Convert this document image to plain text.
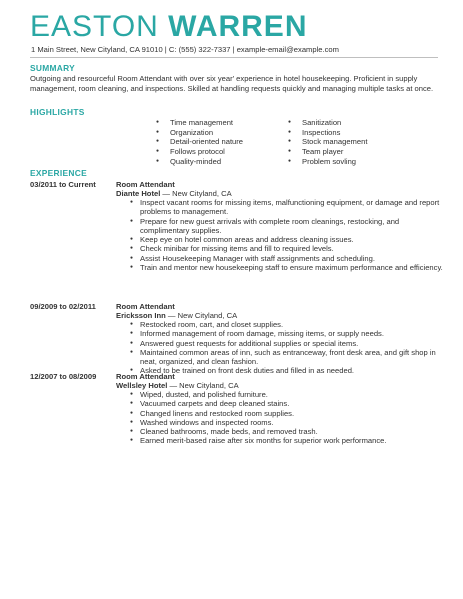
EASTON WARREN
1 Main Street, New Cityland, CA 91010 | C: (555) 322-7337 | example-email@example.com
SUMMARY
Outgoing and resourceful Room Attendant with over six year' experience in hotel housekeeping. Proficient in supply management, room cleaning, and inspections. Skilled at handling requests quickly and managing multiple tasks at once.
HIGHLIGHTS
● Time management
● Organization
● Detail-oriented nature
● Follows protocol
● Quality-minded
● Sanitization
● Inspections
● Stock management
● Team player
● Problem sovling
EXPERIENCE
03/2011 to Current	Room Attendant
Diante Hotel — New Cityland, CA
● Inspect vacant rooms for missing items, malfunctioning equipment, or damage and report problems to management.
● Prepare for new guest arrivals with complete room cleanings, restocking, and complimentary supplies.
● Keep eye on hotel common areas and address cleaning issues.
● Check minibar for missing items and fill to required levels.
● Assist Housekeeping Manager with staff assignments and scheduling.
● Train and mentor new housekeeping staff to ensure maximum performance and efficiency.
09/2009 to 02/2011	Room Attendant
Ericksson Inn — New Cityland, CA
● Restocked room, cart, and closet supplies.
● Informed management of room damage, missing items, or supply needs.
● Answered guest requests for additional supplies or special items.
● Maintained common areas of inn, such as entranceway, front desk area, and gift shop in neat, organized, and clean fashion.
● Asked to be trained on front desk duties and filled in as needed.
12/2007 to 08/2009	Room Attendant
Wellsley Hotel — New Cityland, CA
● Wiped, dusted, and polished furniture.
● Vacuumed carpets and deep cleaned stains.
● Changed linens and restocked room supplies.
● Washed windows and inspected rooms.
● Cleaned bathrooms, made beds, and removed trash.
● Earned merit-based raise after six months for superior work performance.
